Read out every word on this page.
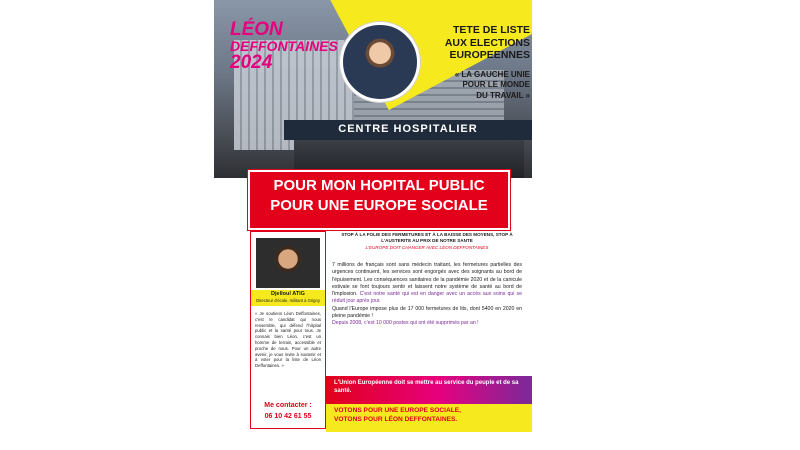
CENTRE HOSPITALIER
LÉON
DEFFONTAINES
2024
TETE DE LISTE
AUX ELECTIONS
EUROPEENNES
« LA GAUCHE UNIE
POUR LE MONDE
DU TRAVAIL »
POUR MON HOPITAL PUBLIC
POUR UNE EUROPE SOCIALE
Djelloul ATIG
Directeur d'école, militant à Grigny
« Je soutiens Léon Deffontaines, c'est le candidat qui nous ressemble, qui défend l'hôpital public et la santé pour tous. Je connais bien Léon, c'est un homme de terrain, accessible et proche de nous. Pour un autre avenir, je vous invite à soutenir et à voter pour la liste de Léon Deffontaines. »
Me contacter :
06 10 42 61 55
STOP À LA FOLIE DES FERMETURES ET À LA BAISSE DES MOYENS, STOP À L'AUSTERITE AU PRIX DE NOTRE SANTE
L'EUROPE DOIT CHANGER AVEC LÉON DEFFONTAINES
7 millions de français sont sans médecin traitant, les fermetures partielles des urgences continuent, les services sont engorgés avec des soignants au bord de l'épuisement. Les conséquences sanitaires de la pandémie 2020 et de la canicule estivale se font toujours sentir et laissent notre système de santé au bord de l'implosion. C'est notre santé qui est en danger avec un accès aux soins qui se réduit jour après jour.
Quand l'Europe impose plus de 17 000 fermetures de lits, dont 5400 en 2020 en pleine pandémie !
Depuis 2008, c'est 10 000 postes qui ont été supprimés par an !
L'Union Européenne doit se mettre au service du peuple et de sa santé.
VOTONS POUR UNE EUROPE SOCIALE,
VOTONS POUR LÉON DEFFONTAINES.
